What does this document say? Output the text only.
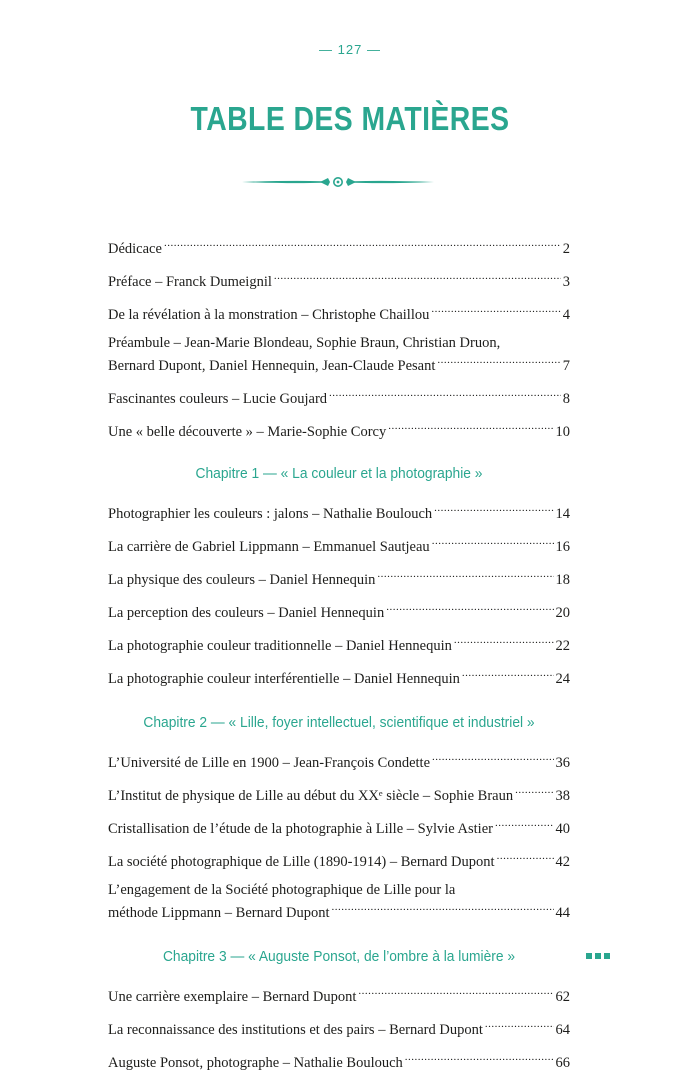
— 127 —
TABLE DES MATIÈRES
Dédicace .....	2
Préface – Franck Dumeignil .....	3
De la révélation à la monstration – Christophe Chaillou .....	4
Préambule – Jean-Marie Blondeau, Sophie Braun, Christian Druon,
Bernard Dupont, Daniel Hennequin, Jean-Claude Pesant .....	7
Fascinantes couleurs – Lucie Goujard .....	8
Une « belle découverte » – Marie-Sophie Corcy .....	10
Chapitre 1 — « La couleur et la photographie »
Photographier les couleurs : jalons – Nathalie Boulouch .....	14
La carrière de Gabriel Lippmann – Emmanuel Sautjeau .....	16
La physique des couleurs – Daniel Hennequin .....	18
La perception des couleurs – Daniel Hennequin .....	20
La photographie couleur traditionnelle – Daniel Hennequin .....	22
La photographie couleur interférentielle – Daniel Hennequin .....	24
Chapitre 2 — « Lille, foyer intellectuel, scientifique et industriel »
L’Université de Lille en 1900 – Jean-François Condette .....	36
L’Institut de physique de Lille au début du XXᵉ siècle – Sophie Braun .....	38
Cristallisation de l’étude de la photographie à Lille – Sylvie Astier .....	40
La société photographique de Lille (1890-1914) – Bernard Dupont .....	42
L’engagement de la Société photographique de Lille pour la
méthode Lippmann – Bernard Dupont .....	44
Chapitre 3 — « Auguste Ponsot, de l’ombre à la lumière »
Une carrière exemplaire – Bernard Dupont .....	62
La reconnaissance des institutions et des pairs – Bernard Dupont .....	64
Auguste Ponsot, photographe – Nathalie Boulouch .....	66
